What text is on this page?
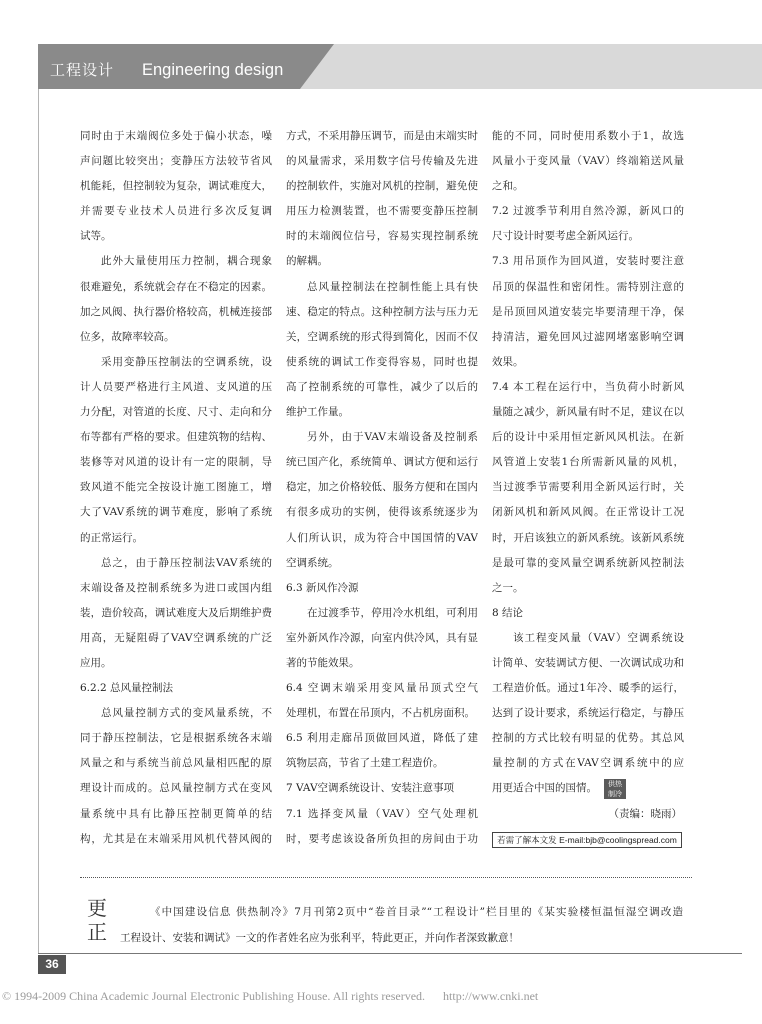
工程设计 Engineering design
同时由于末端阀位多处于偏小状态，噪
声问题比较突出；变静压方法较节省风
机能耗，但控制较为复杂，调试难度大，
并需要专业技术人员进行多次反复调
试等。
此外大量使用压力控制，耦合现象
很难避免，系统就会存在不稳定的因素。
加之风阀、执行器价格较高，机械连接部
位多，故障率较高。
采用变静压控制法的空调系统，设
计人员要严格进行主风道、支风道的压
力分配，对管道的长度、尺寸、走向和分
布等都有严格的要求。但建筑物的结构、
装修等对风道的设计有一定的限制，导
致风道不能完全按设计施工图施工，增
大了VAV系统的调节难度，影响了系统
的正常运行。
总之，由于静压控制法VAV系统的
末端设备及控制系统多为进口或国内组
装，造价较高，调试难度大及后期维护费
用高，无疑阻碍了VAV空调系统的广泛
应用。
6.2.2 总风量控制法
总风量控制方式的变风量系统，不
同于静压控制法，它是根据系统各末端
风量之和与系统当前总风量相匹配的原
理设计而成的。总风量控制方式在变风
量系统中具有比静压控制更简单的结
构，尤其是在末端采用风机代替风阀的
方式，不采用静压调节，而是由末端实时
的风量需求，采用数字信号传输及先进
的控制软件，实施对风机的控制，避免使
用压力检测装置，也不需要变静压控制
时的末端阀位信号，容易实现控制系统
的解耦。
总风量控制法在控制性能上具有快
速、稳定的特点。这种控制方法与压力无
关，空调系统的形式得到简化，因而不仅
使系统的调试工作变得容易，同时也提
高了控制系统的可靠性，减少了以后的
维护工作量。
另外，由于VAV末端设备及控制系
统已国产化，系统简单、调试方便和运行
稳定，加之价格较低、服务方便和在国内
有很多成功的实例，使得该系统逐步为
人们所认识，成为符合中国国情的VAV
空调系统。
6.3 新风作冷源
在过渡季节，停用冷水机组，可利用
室外新风作冷源，向室内供冷风，具有显
著的节能效果。
6.4 空调末端采用变风量吊顶式空气
处理机，布置在吊顶内，不占机房面积。
6.5 利用走廊吊顶做回风道，降低了建
筑物层高，节省了土建工程造价。
7 VAV空调系统设计、安装注意事项
7.1 选择变风量（VAV）空气处理机
时，要考虑该设备所负担的房间由于功
能的不同，同时使用系数小于1，故选
风量小于变风量（VAV）终端箱送风量
之和。
7.2 过渡季节利用自然冷源，新风口的
尺寸设计时要考虑全新风运行。
7.3 用吊顶作为回风道，安装时要注意
吊顶的保温性和密闭性。需特别注意的
是吊顶回风道安装完毕要清理干净，保
持清洁，避免回风过滤网堵塞影响空调
效果。
7.4 本工程在运行中，当负荷小时新风
量随之减少，新风量有时不足，建议在以
后的设计中采用恒定新风风机法。在新
风管道上安装1台所需新风量的风机，
当过渡季节需要利用全新风运行时，关
闭新风机和新风风阀。在正常设计工况
时，开启该独立的新风系统。该新风系统
是最可靠的变风量空调系统新风控制法
之一。
8 结论
该工程变风量（VAV）空调系统设
计简单、安装调试方便、一次调试成功和
工程造价低。通过1年冷、暖季的运行，
达到了设计要求，系统运行稳定，与静压
控制的方式比较有明显的优势。其总风
量控制的方式在VAV空调系统中的应
用更适合中国的国情。	供热
制冷
（责编：晓雨）
若需了解本文发 E-mail:bjb@coolingspread.com
更
正
《中国建设信息 供热制冷》7月刊第2页中“卷首目录”“工程设计”栏目里的《某实验楼恒温恒湿空调改造
工程设计、安装和调试》一文的作者姓名应为张利平，特此更正，并向作者深致歉意！
36
© 1994-2009 China Academic Journal Electronic Publishing House. All rights reserved. http://www.cnki.net
